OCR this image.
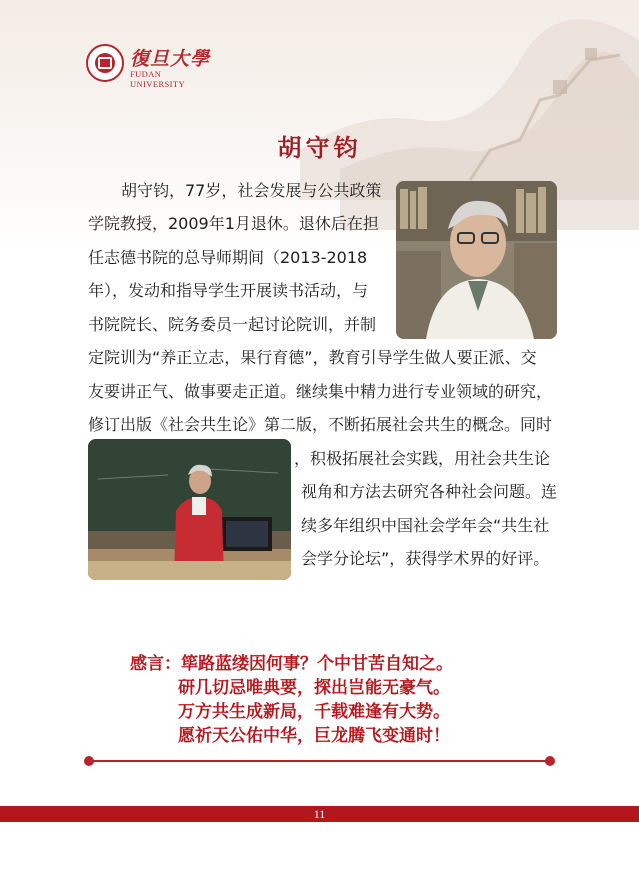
復旦大學
FUDAN UNIVERSITY
胡守钧
胡守钧，77岁，社会发展与公共政策
学院教授，2009年1月退休。退休后在担
任志德书院的总导师期间（2013-2018
年），发动和指导学生开展读书活动，与
书院院长、院务委员一起讨论院训，并制
定院训为“养正立志，果行育德”，教育引导学生做人要正派、交
友要讲正气、做事要走正道。继续集中精力进行专业领域的研究，
修订出版《社会共生论》第二版，不断拓展社会共生的概念。同时
，积极拓展社会实践，用社会共生论
视角和方法去研究各种社会问题。连
续多年组织中国社会学年会“共生社
会学分论坛”，获得学术界的好评。
感言：筚路蓝缕因何事？个中甘苦自知之。
研几切忌唯典要，探出岂能无豪气。
万方共生成新局，千载难逢有大势。
愿祈天公佑中华，巨龙腾飞变通时！
11
